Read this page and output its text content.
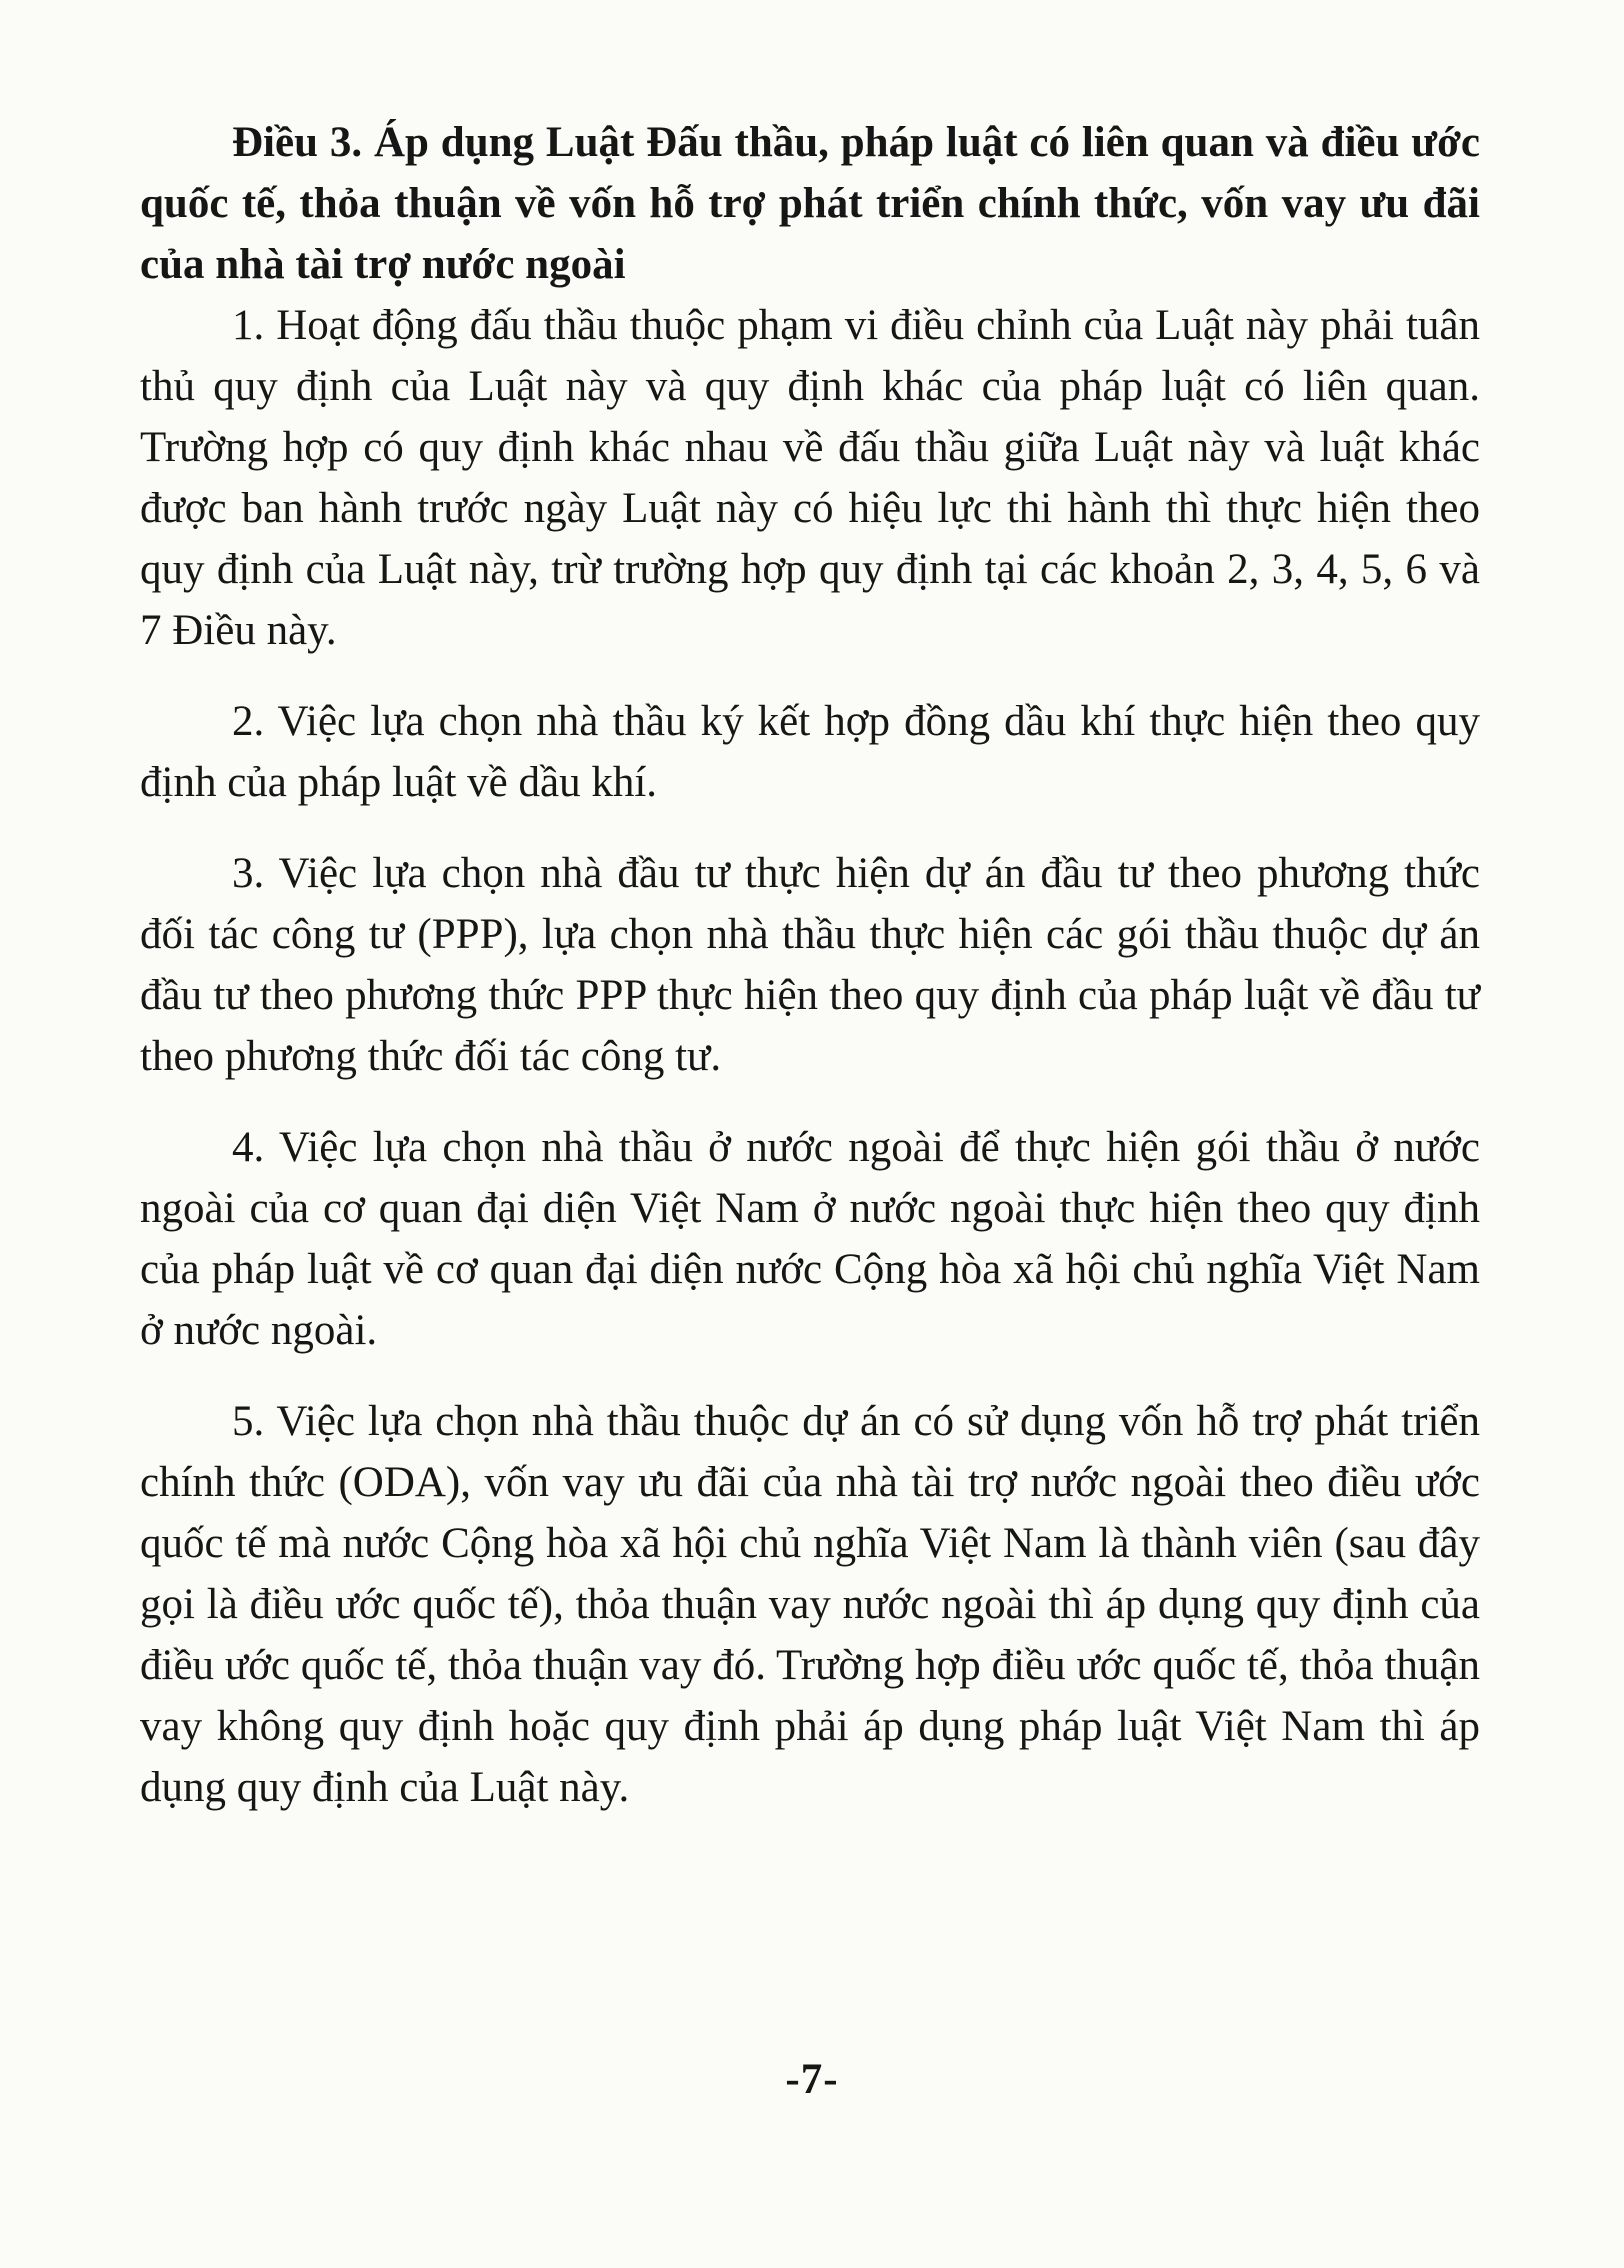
Điều 3. Áp dụng Luật Đấu thầu, pháp luật có liên quan và điều ước quốc tế, thỏa thuận về vốn hỗ trợ phát triển chính thức, vốn vay ưu đãi của nhà tài trợ nước ngoài

1. Hoạt động đấu thầu thuộc phạm vi điều chỉnh của Luật này phải tuân thủ quy định của Luật này và quy định khác của pháp luật có liên quan. Trường hợp có quy định khác nhau về đấu thầu giữa Luật này và luật khác được ban hành trước ngày Luật này có hiệu lực thi hành thì thực hiện theo quy định của Luật này, trừ trường hợp quy định tại các khoản 2, 3, 4, 5, 6 và 7 Điều này.

2. Việc lựa chọn nhà thầu ký kết hợp đồng dầu khí thực hiện theo quy định của pháp luật về dầu khí.

3. Việc lựa chọn nhà đầu tư thực hiện dự án đầu tư theo phương thức đối tác công tư (PPP), lựa chọn nhà thầu thực hiện các gói thầu thuộc dự án đầu tư theo phương thức PPP thực hiện theo quy định của pháp luật về đầu tư theo phương thức đối tác công tư.

4. Việc lựa chọn nhà thầu ở nước ngoài để thực hiện gói thầu ở nước ngoài của cơ quan đại diện Việt Nam ở nước ngoài thực hiện theo quy định của pháp luật về cơ quan đại diện nước Cộng hòa xã hội chủ nghĩa Việt Nam ở nước ngoài.

5. Việc lựa chọn nhà thầu thuộc dự án có sử dụng vốn hỗ trợ phát triển chính thức (ODA), vốn vay ưu đãi của nhà tài trợ nước ngoài theo điều ước quốc tế mà nước Cộng hòa xã hội chủ nghĩa Việt Nam là thành viên (sau đây gọi là điều ước quốc tế), thỏa thuận vay nước ngoài thì áp dụng quy định của điều ước quốc tế, thỏa thuận vay đó. Trường hợp điều ước quốc tế, thỏa thuận vay không quy định hoặc quy định phải áp dụng pháp luật Việt Nam thì áp dụng quy định của Luật này.

-7-
